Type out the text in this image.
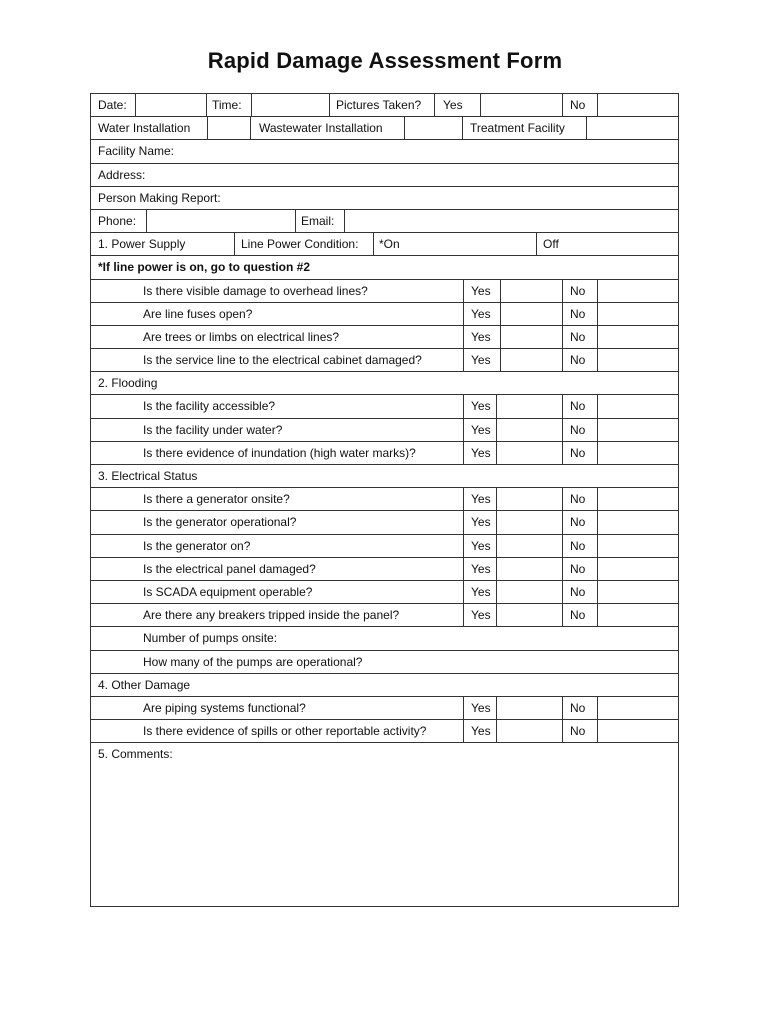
Rapid Damage Assessment Form
Date:	Time:	Pictures Taken? Yes	No
Water Installation	Wastewater Installation	Treatment Facility
Facility Name:
Address:
Person Making Report:
Phone:	Email:
1. Power Supply	Line Power Condition: *On	Off
*If line power is on, go to question #2
Is there visible damage to overhead lines?	Yes	No
Are line fuses open?	Yes	No
Are trees or limbs on electrical lines?	Yes	No
Is the service line to the electrical cabinet damaged?	Yes	No
2. Flooding
Is the facility accessible?	Yes	No
Is the facility under water?	Yes	No
Is there evidence of inundation (high water marks)?	Yes	No
3. Electrical Status
Is there a generator onsite?	Yes	No
Is the generator operational?	Yes	No
Is the generator on?	Yes	No
Is the electrical panel damaged?	Yes	No
Is SCADA equipment operable?	Yes	No
Are there any breakers tripped inside the panel?	Yes	No
Number of pumps onsite:
How many of the pumps are operational?
4. Other Damage
Are piping systems functional?	Yes	No
Is there evidence of spills or other reportable activity?	Yes	No
5. Comments:
